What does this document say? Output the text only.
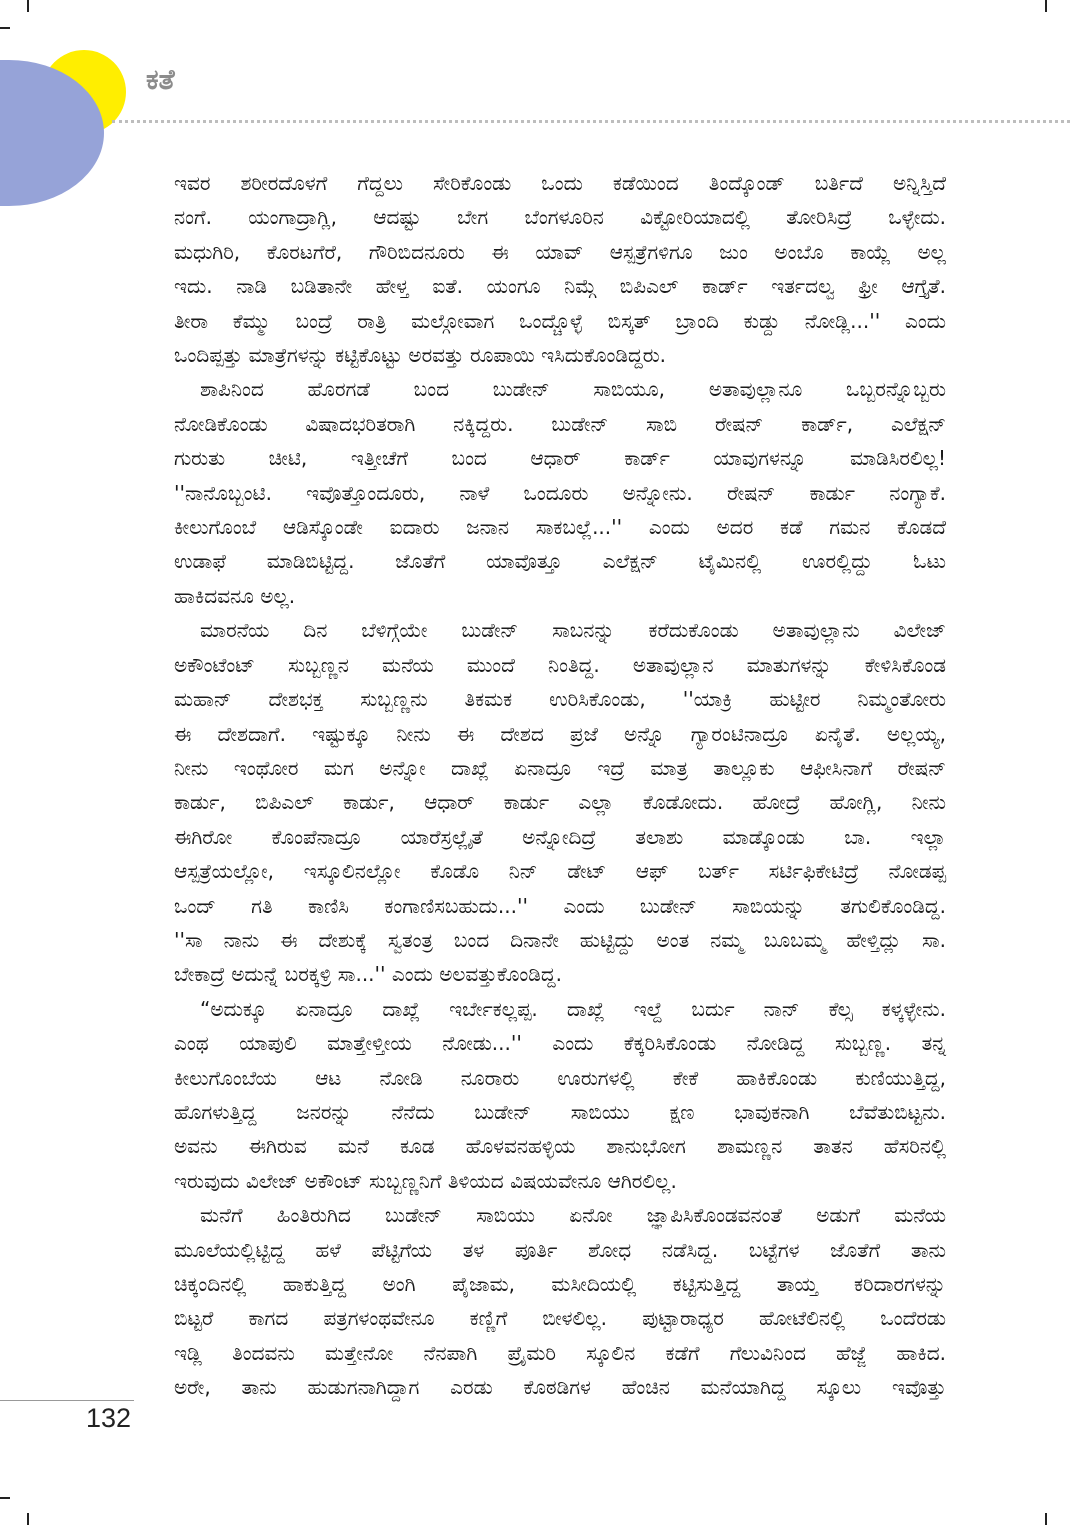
ಕತೆ

ಇವರ ಶರೀರದೊಳಗೆ ಗೆದ್ದಲು ಸೇರಿಕೊಂಡು ಒಂದು ಕಡೆಯಿಂದ ತಿಂದ್ಕೊಂಡ್ ಬರ್ತಿದೆ ಅನ್ನಿಸ್ತಿದೆ
ನಂಗೆ. ಯಂಗಾದ್ರಾಗ್ಲಿ, ಆದಷ್ಟು ಬೇಗ ಬೆಂಗಳೂರಿನ ವಿಕ್ಟೋರಿಯಾದಲ್ಲಿ ತೋರಿಸಿದ್ರೆ ಒಳ್ಳೇದು.
ಮಧುಗಿರಿ, ಕೊರಟಗೆರೆ, ಗೌರಿಬಿದನೂರು ಈ ಯಾವ್ ಆಸ್ಪತ್ರೆಗಳಿಗೂ ಜುಂ ಅಂಬೊ ಕಾಯ್ಲೆ ಅಲ್ಲ
ಇದು. ನಾಡಿ ಬಡಿತಾನೇ ಹೇಳ್ತ ಐತೆ. ಯಂಗೂ ನಿಮ್ಗೆ ಬಿಪಿಎಲ್ ಕಾರ್ಡ್ ಇರ್ತದಲ್ವ ಫ್ರೀ ಆಗ್ತೈತೆ.
ತೀರಾ ಕೆಮ್ಮು ಬಂದ್ರೆ ರಾತ್ರಿ ಮಲ್ಗೋವಾಗ ಒಂದ್ಚೊಳ್ಳೆ ಬಿಸ್ಕತ್ ಬ್ರಾಂದಿ ಕುಡ್ದು ನೋಡ್ಲಿ...'' ಎಂದು
ಒಂದಿಪ್ಪತ್ತು ಮಾತ್ರೆಗಳನ್ನು ಕಟ್ಟಿಕೊಟ್ಟು ಅರವತ್ತು ರೂಪಾಯಿ ಇಸಿದುಕೊಂಡಿದ್ದರು.

ಶಾಪಿನಿಂದ ಹೊರಗಡೆ ಬಂದ ಬುಡೇನ್ ಸಾಬಿಯೂ, ಅತಾವುಲ್ಲಾನೂ ಒಬ್ಬರನ್ನೊಬ್ಬರು
ನೋಡಿಕೊಂಡು ವಿಷಾದಭರಿತರಾಗಿ ನಕ್ಕಿದ್ದರು. ಬುಡೇನ್ ಸಾಬಿ ರೇಷನ್ ಕಾರ್ಡ್, ಎಲೆಕ್ಷನ್
ಗುರುತು ಚೀಟಿ, ಇತ್ತೀಚೆಗೆ ಬಂದ ಆಧಾರ್ ಕಾರ್ಡ್ ಯಾವುಗಳನ್ನೂ ಮಾಡಿಸಿರಲಿಲ್ಲ!
''ನಾನೊಬ್ಬಂಟಿ. ಇವೊತ್ತೊಂದೂರು, ನಾಳೆ ಒಂದೂರು ಅನ್ನೋನು. ರೇಷನ್ ಕಾರ್ಡು ನಂಗ್ಯಾಕೆ.
ಕೀಲುಗೊಂಬೆ ಆಡಿಸ್ಕೊಂಡೇ ಐದಾರು ಜನಾನ ಸಾಕಬಲ್ಲೆ...'' ಎಂದು ಅದರ ಕಡೆ ಗಮನ ಕೊಡದೆ
ಉಡಾಫೆ ಮಾಡಿಬಿಟ್ಟಿದ್ದ. ಜೊತೆಗೆ ಯಾವೊತ್ತೂ ಎಲೆಕ್ಷನ್ ಟೈಮಿನಲ್ಲಿ ಊರಲ್ಲಿದ್ದು ಓಟು
ಹಾಕಿದವನೂ ಅಲ್ಲ.

ಮಾರನೆಯ ದಿನ ಬೆಳಿಗ್ಗೆಯೇ ಬುಡೇನ್ ಸಾಬನನ್ನು ಕರೆದುಕೊಂಡು ಅತಾವುಲ್ಲಾನು ವಿಲೇಜ್
ಅಕೌಂಟೆಂಟ್ ಸುಬ್ಬಣ್ಣನ ಮನೆಯ ಮುಂದೆ ನಿಂತಿದ್ದ. ಅತಾವುಲ್ಲಾನ ಮಾತುಗಳನ್ನು ಕೇಳಿಸಿಕೊಂಡ
ಮಹಾನ್ ದೇಶಭಕ್ತ ಸುಬ್ಬಣ್ಣನು ತಿಕಮಕ ಉರಿಸಿಕೊಂಡು, ''ಯಾಕ್ರಿ ಹುಟ್ಟೀರ ನಿಮ್ಮಂತೋರು
ಈ ದೇಶದಾಗೆ. ಇಷ್ಟುಕ್ಕೂ ನೀನು ಈ ದೇಶದ ಪ್ರಜೆ ಅನ್ನೊ ಗ್ಯಾರಂಟಿನಾದ್ರೂ ಏನೈತೆ. ಅಲ್ಲಯ್ಯ,
ನೀನು ಇಂಥೋರ ಮಗ ಅನ್ನೋ ದಾಖ್ಲೆ ಏನಾದ್ರೂ ಇದ್ರೆ ಮಾತ್ರ ತಾಲ್ಲೂಕು ಆಫೀಸಿನಾಗೆ ರೇಷನ್
ಕಾರ್ಡು, ಬಿಪಿಎಲ್ ಕಾರ್ಡು, ಆಧಾರ್ ಕಾರ್ಡು ಎಲ್ಲಾ ಕೊಡೋದು. ಹೋದ್ರೆ ಹೋಗ್ಲಿ, ನೀನು
ಈಗಿರೋ ಕೊಂಪೆನಾದ್ರೂ ಯಾರೆಸ್ರಲ್ಲೈತೆ ಅನ್ನೋದಿದ್ರೆ ತಲಾಶು ಮಾಡ್ಕೊಂಡು ಬಾ. ಇಲ್ಲಾ
ಆಸ್ಪತ್ರೆಯಲ್ಲೋ, ಇಸ್ಕೂಲಿನಲ್ಲೋ ಕೊಡೊ ನಿನ್ ಡೇಟ್ ಆಫ್ ಬರ್ತ್ ಸರ್ಟಿಫಿಕೇಟಿದ್ರೆ ನೋಡಪ್ಪ
ಒಂದ್ ಗತಿ ಕಾಣಿಸಿ ಕಂಗಾಣಿಸಬಹುದು...'' ಎಂದು ಬುಡೇನ್ ಸಾಬಿಯನ್ನು ತಗುಲಿಕೊಂಡಿದ್ದ.
''ಸಾ ನಾನು ಈ ದೇಶುಕ್ಕೆ ಸ್ವತಂತ್ರ ಬಂದ ದಿನಾನೇ ಹುಟ್ಟಿದ್ದು ಅಂತ ನಮ್ಮ ಬೂಬಮ್ಮ ಹೇಳ್ತಿದ್ಲು ಸಾ.
ಬೇಕಾದ್ರೆ ಅದುನ್ನೆ ಬರಕ್ಕಳ್ರಿ ಸಾ...'' ಎಂದು ಅಲವತ್ತುಕೊಂಡಿದ್ದ.

“ಅದುಕ್ಕೂ ಏನಾದ್ರೂ ದಾಖ್ಲೆ ಇರ್ಬೇಕಲ್ಲಪ್ಪ. ದಾಖ್ಲೆ ಇಲ್ದೆ ಬರ್ದು ನಾನ್ ಕೆಲ್ಸ ಕಳ್ಕಳ್ಳೇನು.
ಎಂಥ ಯಾಪುಲಿ ಮಾತ್ತೇಳ್ತೀಯ ನೋಡು...'' ಎಂದು ಕೆಕ್ಕರಿಸಿಕೊಂಡು ನೋಡಿದ್ದ ಸುಬ್ಬಣ್ಣ. ತನ್ನ
ಕೀಲುಗೊಂಬೆಯ ಆಟ ನೋಡಿ ನೂರಾರು ಊರುಗಳಲ್ಲಿ ಕೇಕೆ ಹಾಕಿಕೊಂಡು ಕುಣಿಯುತ್ತಿದ್ದ,
ಹೊಗಳುತ್ತಿದ್ದ ಜನರನ್ನು ನೆನೆದು ಬುಡೇನ್ ಸಾಬಿಯು ಕ್ಷಣ ಭಾವುಕನಾಗಿ ಬೆವೆತುಬಿಟ್ಟನು.
ಅವನು ಈಗಿರುವ ಮನೆ ಕೂಡ ಹೊಳವನಹಳ್ಳಿಯ ಶಾನುಭೋಗ ಶಾಮಣ್ಣನ ತಾತನ ಹೆಸರಿನಲ್ಲಿ
ಇರುವುದು ವಿಲೇಜ್ ಅಕೌಂಟ್ ಸುಬ್ಬಣ್ಣನಿಗೆ ತಿಳಿಯದ ವಿಷಯವೇನೂ ಆಗಿರಲಿಲ್ಲ.

ಮನೆಗೆ ಹಿಂತಿರುಗಿದ ಬುಡೇನ್ ಸಾಬಿಯು ಏನೋ ಜ್ಞಾಪಿಸಿಕೊಂಡವನಂತೆ ಅಡುಗೆ ಮನೆಯ
ಮೂಲೆಯಲ್ಲಿಟ್ಟಿದ್ದ ಹಳೆ ಪೆಟ್ಟಿಗೆಯ ತಳ ಪೂರ್ತಿ ಶೋಧ ನಡೆಸಿದ್ದ. ಬಟ್ಟೆಗಳ ಜೊತೆಗೆ ತಾನು
ಚಿಕ್ಕಂದಿನಲ್ಲಿ ಹಾಕುತ್ತಿದ್ದ ಅಂಗಿ ಪೈಜಾಮ, ಮಸೀದಿಯಲ್ಲಿ ಕಟ್ಟಿಸುತ್ತಿದ್ದ ತಾಯ್ತ ಕರಿದಾರಗಳನ್ನು
ಬಿಟ್ಟರೆ ಕಾಗದ ಪತ್ರಗಳಂಥವೇನೂ ಕಣ್ಣಿಗೆ ಬೀಳಲಿಲ್ಲ. ಪುಟ್ಟಾರಾಧ್ಯರ ಹೋಟೆಲಿನಲ್ಲಿ ಒಂದೆರಡು
ಇಡ್ಲಿ ತಿಂದವನು ಮತ್ತೇನೋ ನೆನಪಾಗಿ ಪ್ರೈಮರಿ ಸ್ಕೂಲಿನ ಕಡೆಗೆ ಗೆಲುವಿನಿಂದ ಹೆಜ್ಜೆ ಹಾಕಿದ.
ಅರೇ, ತಾನು ಹುಡುಗನಾಗಿದ್ದಾಗ ಎರಡು ಕೊಠಡಿಗಳ ಹೆಂಚಿನ ಮನೆಯಾಗಿದ್ದ ಸ್ಕೂಲು ಇವೊತ್ತು

132
